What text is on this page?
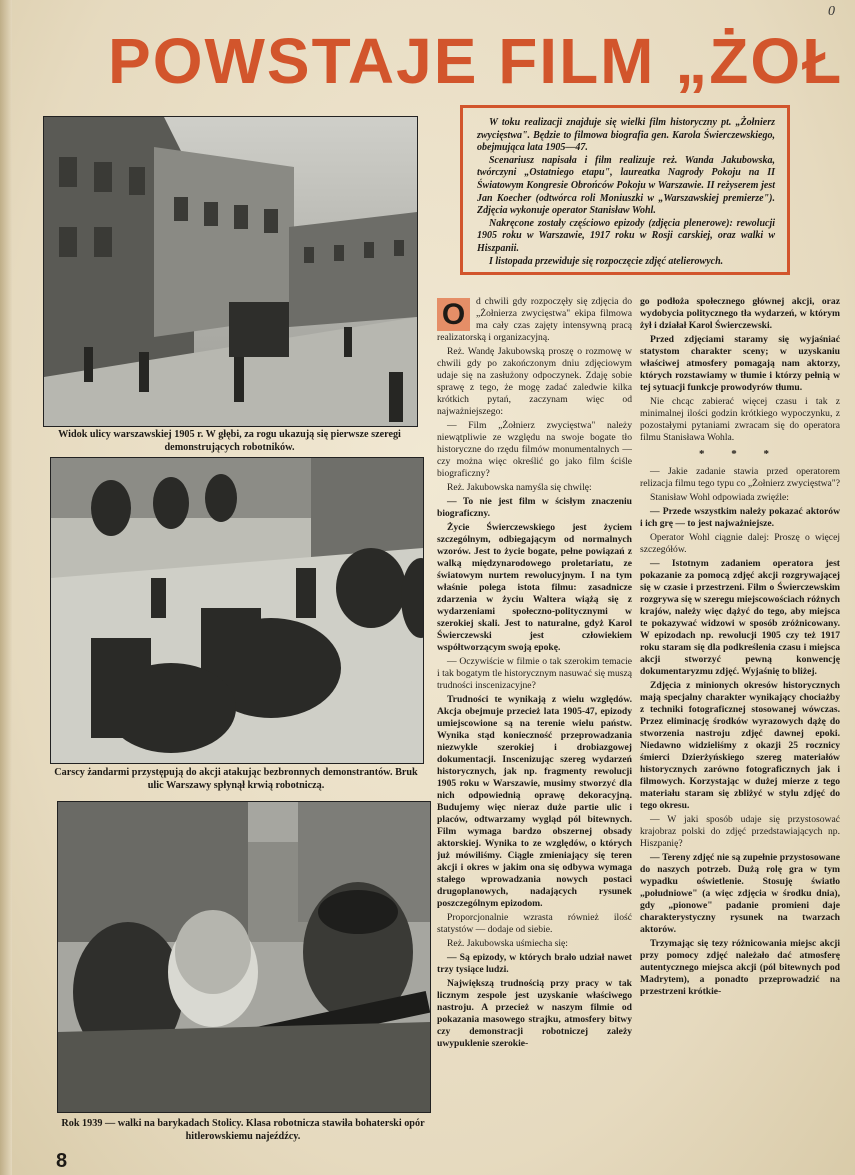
POWSTAJE FILM „ŻOŁ
0
Widok ulicy warszawskiej 1905 r. W głębi, za rogu ukazują się pierwsze szeregi demonstrujących robotników.
Carscy żandarmi przystępują do akcji atakując bezbronnych demonstrantów. Bruk ulic Warszawy spłynął krwią robotniczą.
Rok 1939 — walki na barykadach Stolicy. Klasa robotnicza stawiła bohaterski opór hitlerowskiemu najeźdźcy.

W toku realizacji znajduje się wielki film historyczny pt. „Żołnierz zwycięstwa". Będzie to filmowa biografia gen. Karola Świerczewskiego, obejmująca lata 1905—47.

Scenariusz napisała i film realizuje reż. Wanda Jakubowska, twórczyni „Ostatniego etapu", laureatka Nagrody Pokoju na II Światowym Kongresie Obrońców Pokoju w Warszawie. II reżyserem jest Jan Koecher (odtwórca roli Moniuszki w „Warszawskiej premierze"). Zdjęcia wykonuje operator Stanisław Wohl.

Nakręcone zostały częściowo epizody (zdjęcia plenerowe): rewolucji 1905 roku w Warszawie, 1917 roku w Rosji carskiej, oraz walki w Hiszpanii.

I listopada przewiduje się rozpoczęcie zdjęć atelierowych.

O	d chwili gdy rozpoczęły się zdjęcia do „Żołnierza zwycięstwa" ekipa filmowa ma cały czas zajęty intensywną pracą realizatorską i organizacyjną.

Reż. Wandę Jakubowską proszę o rozmowę w chwili gdy po zakończonym dniu zdjęciowym udaje się na zasłużony odpoczynek. Zdaję sobie sprawę z tego, że mogę zadać zaledwie kilka krótkich pytań, zaczynam więc od najważniejszego:

— Film „Żołnierz zwycięstwa" należy niewątpliwie ze względu na swoje bogate tło historyczne do rzędu filmów monumentalnych — czy można więc określić go jako film ściśle biograficzny?

Reż. Jakubowska namyśla się chwilę:

— To nie jest film w ścisłym znaczeniu biograficzny.

Życie Świerczewskiego jest życiem szczególnym, odbiegającym od normalnych wzorów. Jest to życie bogate, pełne powiązań z walką międzynarodowego proletariatu, ze światowym nurtem rewolucyjnym. I na tym właśnie polega istota filmu: zasadnicze zdarzenia w życiu Waltera wiążą się z wydarzeniami społeczno-politycznymi w szerokiej skali. Jest to naturalne, gdyż Karol Świerczewski jest człowiekiem współtworzącym swoją epokę.

— Oczywiście w filmie o tak szerokim temacie i tak bogatym tle historycznym nasuwać się muszą trudności inscenizacyjne?

Trudności te wynikają z wielu względów. Akcja obejmuje przecież lata 1905-47, epizody umiejscowione są na terenie wielu państw. Wynika stąd konieczność przeprowadzania niezwykle szerokiej i drobiazgowej dokumentacji. Inscenizując szereg wydarzeń historycznych, jak np. fragmenty rewolucji 1905 roku w Warszawie, musimy stworzyć dla nich odpowiednią oprawę dekoracyjną. Budujemy więc nieraz duże partie ulic i placów, odtwarzamy wygląd pól bitewnych. Film wymaga bardzo obszernej obsady aktorskiej. Wynika to ze względów, o których już mówiliśmy. Ciągle zmieniający się teren akcji i okres w jakim ona się odbywa wymaga stałego wprowadzania nowych postaci drugoplanowych, nadających rysunek poszczególnym epizodom.

Proporcjonalnie wzrasta również ilość statystów — dodaje od siebie.

Reż. Jakubowska uśmiecha się:

— Są epizody, w których brało udział nawet trzy tysiące ludzi.

Największą trudnością przy pracy w tak licznym zespole jest uzyskanie właściwego nastroju. A przecież w naszym filmie od pokazania masowego strajku, atmosfery bitwy czy demonstracji robotniczej zależy uwypuklenie szerokie-

go podłoża społecznego głównej akcji, oraz wydobycia politycznego tła wydarzeń, w którym żył i działał Karol Świerczewski.

Przed zdjęciami staramy się wyjaśniać statystom charakter sceny; w uzyskaniu właściwej atmosfery pomagają nam aktorzy, których rozstawiamy w tłumie i którzy pełnią w tej sytuacji funkcje prowodyrów tłumu.

Nie chcąc zabierać więcej czasu i tak z minimalnej ilości godzin krótkiego wypoczynku, z pozostałymi pytaniami zwracam się do operatora filmu Stanisława Wohla.

* * *

— Jakie zadanie stawia przed operatorem relizacja filmu tego typu co „Żołnierz zwycięstwa"?

Stanisław Wohl odpowiada zwięźle:

— Przede wszystkim należy pokazać aktorów i ich grę — to jest najważniejsze.

Operator Wohl ciągnie dalej: Proszę o więcej szczegółów.

— Istotnym zadaniem operatora jest pokazanie za pomocą zdjęć akcji rozgrywającej się w czasie i przestrzeni. Film o Świerczewskim rozgrywa się w szeregu miejscowościach różnych krajów, należy więc dążyć do tego, aby miejsca te pokazywać widzowi w sposób zróżnicowany. W epizodach np. rewolucji 1905 czy też 1917 roku staram się dla podkreślenia czasu i miejsca akcji stworzyć pewną konwencję dokumentaryzmu zdjęć. Wyjaśnię to bliżej.

Zdjęcia z minionych okresów historycznych mają specjalny charakter wynikający chociażby z techniki fotograficznej stosowanej wówczas. Przez eliminację środków wyrazowych dążę do stworzenia nastroju zdjęć dawnej epoki. Niedawno widzieliśmy z okazji 25 rocznicy śmierci Dzierżyńskiego szereg materiałów historycznych zarówno fotograficznych jak i filmowych. Korzystając w dużej mierze z tego materiału staram się zbliżyć w stylu zdjęć do tego okresu.

— W jaki sposób udaje się przystosować krajobraz polski do zdjęć przedstawiających np. Hiszpanię?

— Tereny zdjęć nie są zupełnie przystosowane do naszych potrzeb. Dużą rolę gra w tym wypadku oświetlenie. Stosuję światło „południowe" (a więc zdjęcia w środku dnia), gdy „pionowe" padanie promieni daje charakterystyczny rysunek na twarzach aktorów.

Trzymając się tezy różnicowania miejsc akcji przy pomocy zdjęć należało dać atmosferę autentycznego miejsca akcji (pól bitewnych pod Madrytem), a ponadto przeprowadzić na przestrzeni krótkie-

8
